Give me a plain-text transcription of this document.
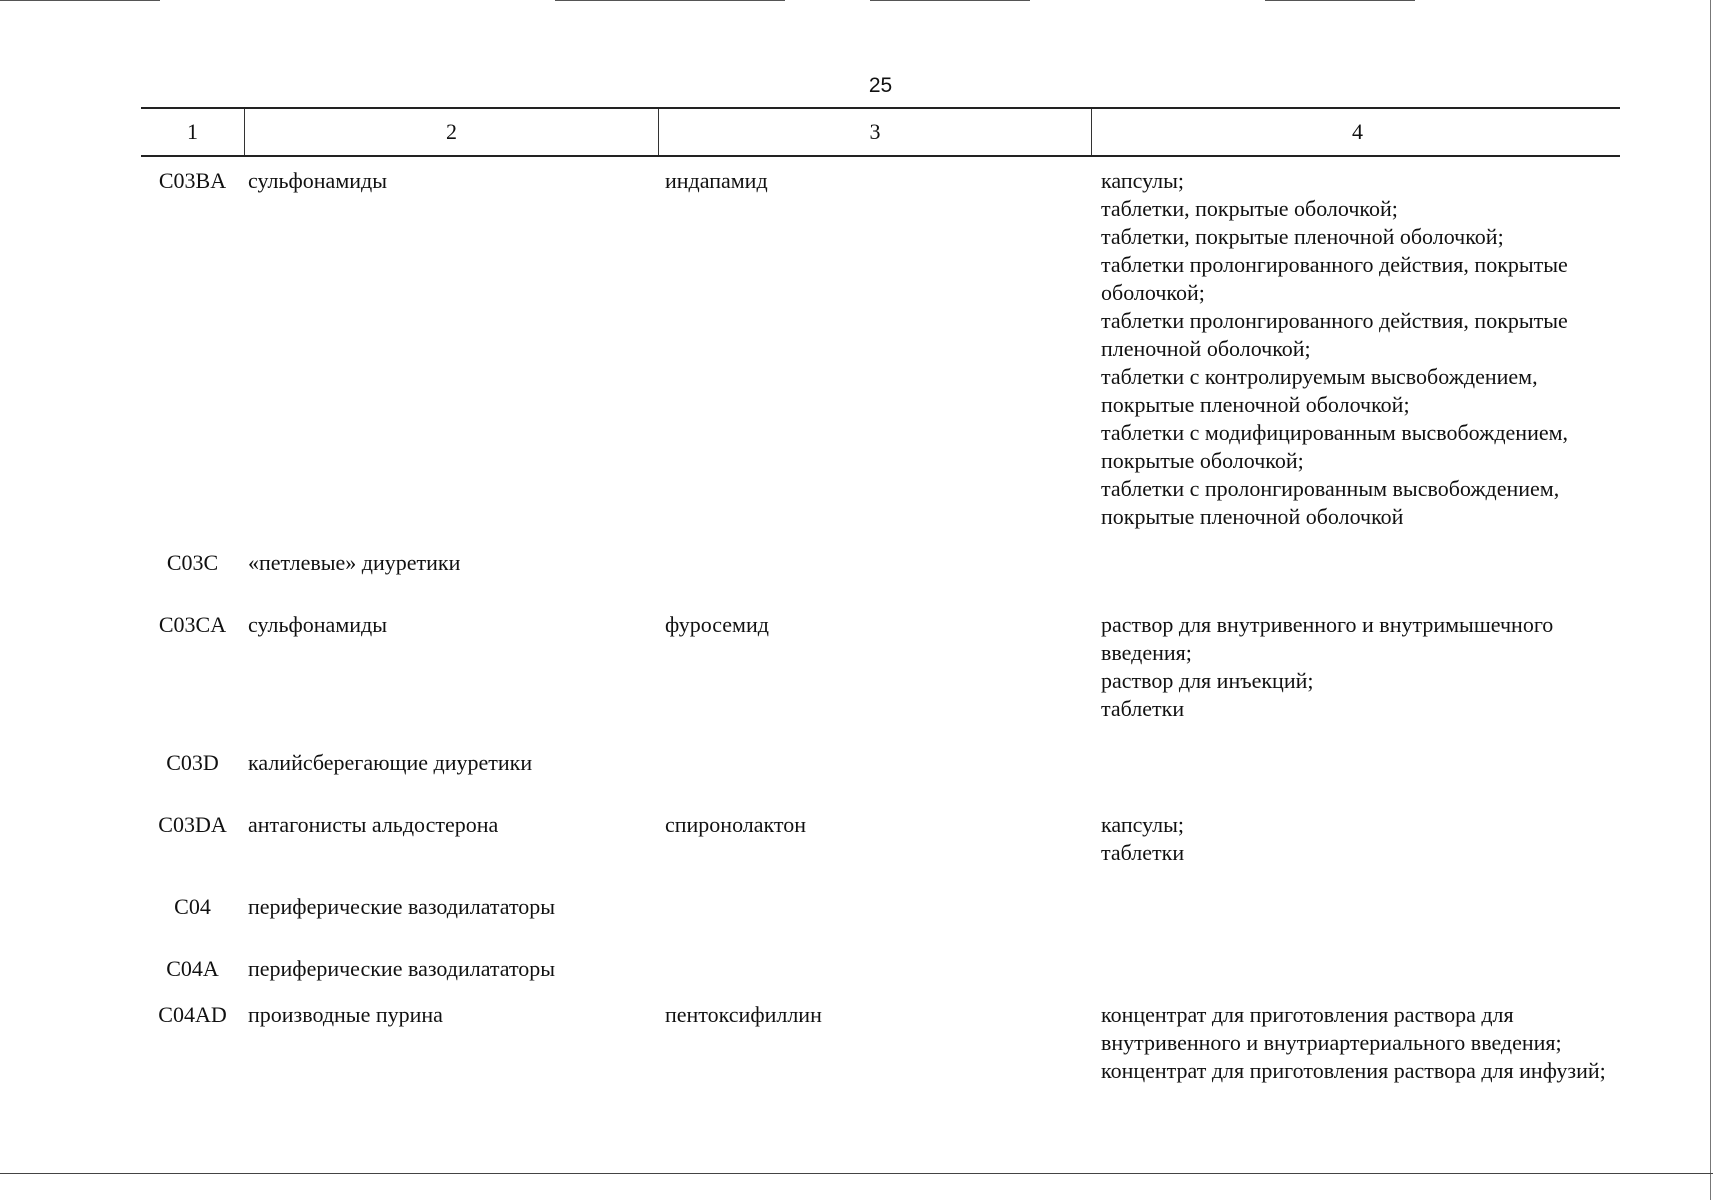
25
1	2	3	4
C03BA сульфонамиды	индапамид	капсулы;
таблетки, покрытые оболочкой;
таблетки, покрытые пленочной оболочкой;
таблетки пролонгированного действия, покрытые оболочкой;
таблетки пролонгированного действия, покрытые пленочной оболочкой;
таблетки с контролируемым высвобождением, покрытые пленочной оболочкой;
таблетки с модифицированным высвобождением, покрытые оболочкой;
таблетки с пролонгированным высвобождением, покрытые пленочной оболочкой
C03C	«петлевые» диуретики
C03CA сульфонамиды	фуросемид	раствор для внутривенного и внутримышечного введения;
раствор для инъекций;
таблетки
C03D	калийсберегающие диуретики
C03DA антагонисты альдостерона	спиронолактон	капсулы;
таблетки
C04	периферические вазодилататоры
C04A	периферические вазодилататоры
C04AD производные пурина	пентоксифиллин	концентрат для приготовления раствора для внутривенного и внутриартериального введения;
концентрат для приготовления раствора для инфузий;
